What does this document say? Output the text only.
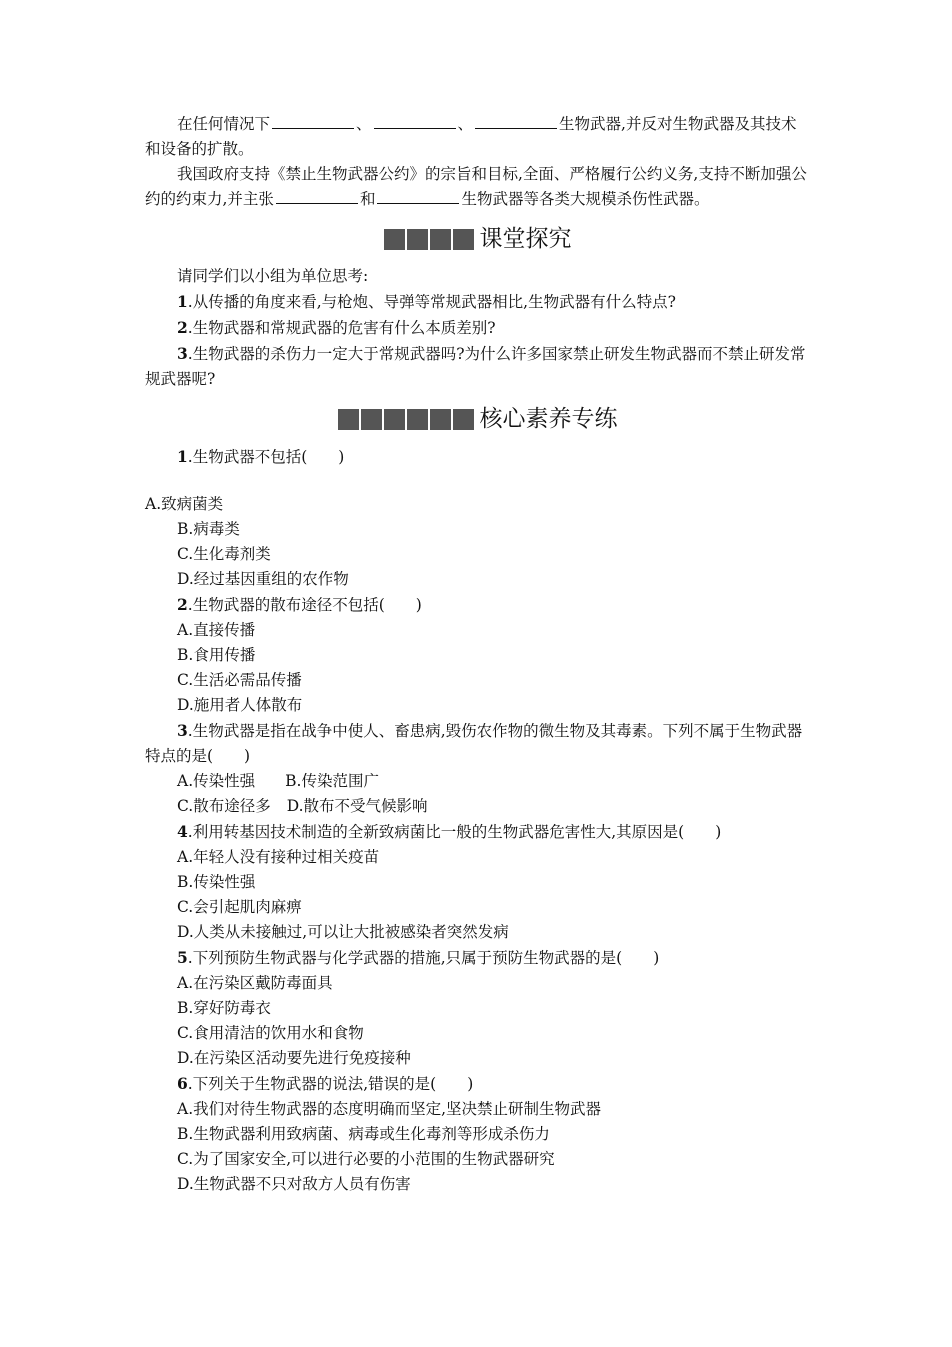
在任何情况下	、	、	生物武器,并反对生物武器及其技术和设备的扩散。

我国政府支持《禁止生物武器公约》的宗旨和目标,全面、严格履行公约义务,支持不断加强公约的约束力,并主张	和	生物武器等各类大规模杀伤性武器。

课堂探究

请同学们以小组为单位思考:

1.从传播的角度来看,与枪炮、导弹等常规武器相比,生物武器有什么特点?

2.生物武器和常规武器的危害有什么本质差别?

3.生物武器的杀伤力一定大于常规武器吗?为什么许多国家禁止研发生物武器而不禁止研发常规武器呢?

核心素养专练

1.生物武器不包括(　　)

A.致病菌类

B.病毒类

C.生化毒剂类

D.经过基因重组的农作物

2.生物武器的散布途径不包括(　　)

A.直接传播

B.食用传播

C.生活必需品传播

D.施用者人体散布

3.生物武器是指在战争中使人、畜患病,毁伤农作物的微生物及其毒素。下列不属于生物武器特点的是(　　)

A.传染性强 B.传染范围广

C.散布途径多 D.散布不受气候影响

4.利用转基因技术制造的全新致病菌比一般的生物武器危害性大,其原因是(　　)

A.年轻人没有接种过相关疫苗

B.传染性强

C.会引起肌肉麻痹

D.人类从未接触过,可以让大批被感染者突然发病

5.下列预防生物武器与化学武器的措施,只属于预防生物武器的是(　　)

A.在污染区戴防毒面具

B.穿好防毒衣

C.食用清洁的饮用水和食物

D.在污染区活动要先进行免疫接种

6.下列关于生物武器的说法,错误的是(　　)

A.我们对待生物武器的态度明确而坚定,坚决禁止研制生物武器

B.生物武器利用致病菌、病毒或生化毒剂等形成杀伤力

C.为了国家安全,可以进行必要的小范围的生物武器研究

D.生物武器不只对敌方人员有伤害
